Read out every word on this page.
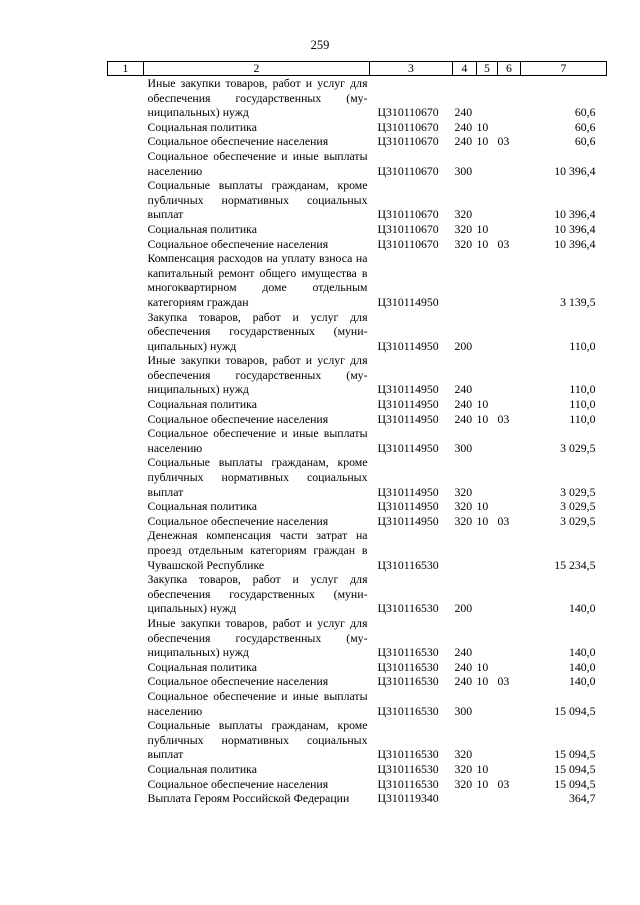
259
1	2	3	4	5	6	7
	Иные закупки товаров, работ и услуг для обеспечения государственных (муниципальных) нужд	Ц310110670	240			60,6
	Социальная политика	Ц310110670	240	10		60,6
	Социальное обеспечение населения	Ц310110670	240	10	03	60,6
	Социальное обеспечение и иные выплаты населению	Ц310110670	300			10 396,4
	Социальные выплаты гражданам, кроме публичных нормативных социальных выплат	Ц310110670	320			10 396,4
	Социальная политика	Ц310110670	320	10		10 396,4
	Социальное обеспечение населения	Ц310110670	320	10	03	10 396,4
	Компенсация расходов на уплату взноса на капитальный ремонт общего имущества в многоквартирном доме отдельным категориям граждан	Ц310114950				3 139,5
	Закупка товаров, работ и услуг для обеспечения государственных (муниципальных) нужд	Ц310114950	200			110,0
	Иные закупки товаров, работ и услуг для обеспечения государственных (муниципальных) нужд	Ц310114950	240			110,0
	Социальная политика	Ц310114950	240	10		110,0
	Социальное обеспечение населения	Ц310114950	240	10	03	110,0
	Социальное обеспечение и иные выплаты населению	Ц310114950	300			3 029,5
	Социальные выплаты гражданам, кроме публичных нормативных социальных выплат	Ц310114950	320			3 029,5
	Социальная политика	Ц310114950	320	10		3 029,5
	Социальное обеспечение населения	Ц310114950	320	10	03	3 029,5
	Денежная компенсация части затрат на проезд отдельным категориям граждан в Чувашской Республике	Ц310116530				15 234,5
	Закупка товаров, работ и услуг для обеспечения государственных (муниципальных) нужд	Ц310116530	200			140,0
	Иные закупки товаров, работ и услуг для обеспечения государственных (муниципальных) нужд	Ц310116530	240			140,0
	Социальная политика	Ц310116530	240	10		140,0
	Социальное обеспечение населения	Ц310116530	240	10	03	140,0
	Социальное обеспечение и иные выплаты населению	Ц310116530	300			15 094,5
	Социальные выплаты гражданам, кроме публичных нормативных социальных выплат	Ц310116530	320			15 094,5
	Социальная политика	Ц310116530	320	10		15 094,5
	Социальное обеспечение населения	Ц310116530	320	10	03	15 094,5
	Выплата Героям Российской Федерации	Ц310119340				364,7
